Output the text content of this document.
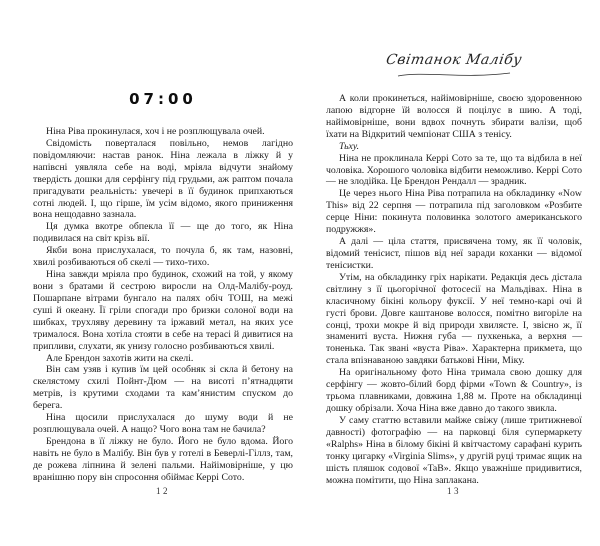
07:00

Ніна Ріва прокинулася, хоч і не розплющувала очей.

Свідомість поверталася повільно, немов лагідно повідомляючи: настав ранок. Ніна лежала в ліжку й у напівсні уявляла себе на воді, мріяла відчути знайому твердість дошки для серфінгу під грудьми, аж раптом почала пригадувати реальність: увечері в її будинок припхаються сотні людей. І, що гірше, їм усім відомо, якого приниження вона нещодавно зазнала.

Ця думка вкотре обпекла її — ще до того, як Ніна подивилася на світ крізь вії.

Якби вона прислухалася, то почула б, як там, назовні, хвилі розбиваються об скелі — тихо-тихо.

Ніна завжди мріяла про будинок, схожий на той, у якому вони з братами й сестрою виросли на Олд-Малібу-роуд. Пошарпане вітрами бунгало на палях обіч ТОШ, на межі суші й океану. Її гріли спогади про бризки солоної води на шибках, трухляву деревину та іржавий метал, на яких усе трималося. Вона хотіла стояти в себе на терасі й дивитися на припливи, слухати, як унизу голосно розбиваються хвилі.

Але Брендон захотів жити на скелі.

Він сам узяв і купив їм цей особняк зі скла й бетону на скелястому схилі Пойнт-Дюм — на висоті п’ятнадцяти метрів, із крутими сходами та кам’янистим спуском до берега.

Ніна щосили прислухалася до шуму води й не розплющувала очей. А нащо? Чого вона там не бачила?

Брендона в її ліжку не було. Його не було вдома. Його навіть не було в Малібу. Він був у готелі в Беверлі-Гіллз, там, де рожева ліпнина й зелені пальми. Найімовірніше, у цю вранішню пору він спросоння обіймає Керрі Сото.

12
Світанок Малібу

А коли прокинеться, найімовірніше, своєю здоровенною лапою відгорне їй волосся й поцілує в шию. А тоді, найімовірніше, вони вдвох почнуть збирати валізи, щоб їхати на Відкритий чемпіонат США з тенісу.

Тьху.

Ніна не проклинала Керрі Сото за те, що та відбила в неї чоловіка. Хорошого чоловіка відбити неможливо. Керрі Сото — не злодійка. Це Брендон Рендалл — зрадник.

Це через нього Ніна Ріва потрапила на обкладинку «Now This» від 22 серпня — потрапила під заголовком «Розбите серце Ніни: покинута половинка золотого американського подружжя».

А далі — ціла стаття, присвячена тому, як її чоловік, відомий тенісист, пішов від неї заради коханки — відомої тенісистки.

Утім, на обкладинку гріх нарікати. Редакція десь дістала світлину з її цьогорічної фотосесії на Мальдівах. Ніна в класичному бікіні кольору фуксії. У неї темно-карі очі й густі брови. Довге каштанове волосся, помітно вигоріле на сонці, трохи мокре й від природи хвилясте. І, звісно ж, її знамениті вуста. Нижня губа — пухкенька, а верхня — тоненька. Так звані «вуста Ріва». Характерна прикмета, що стала впізнаваною завдяки батькові Ніни, Міку.

На оригінальному фото Ніна тримала свою дошку для серфінгу — жовто-білий борд фірми «Town & Country», із трьома плавниками, довжина 1,88 м. Проте на обкладинці дошку обрізали. Хоча Ніна вже давно до такого звикла.

У саму статтю вставили майже свіжу (лише тритижневої давності) фотографію — на парковці біля супермаркету «Ralphs» Ніна в білому бікіні й квітчастому сарафані курить тонку цигарку «Virginia Slims», у другій руці тримає ящик на шість пляшок содової «TaB». Якщо уважніше придивитися, можна помітити, що Ніна заплакана.

13
